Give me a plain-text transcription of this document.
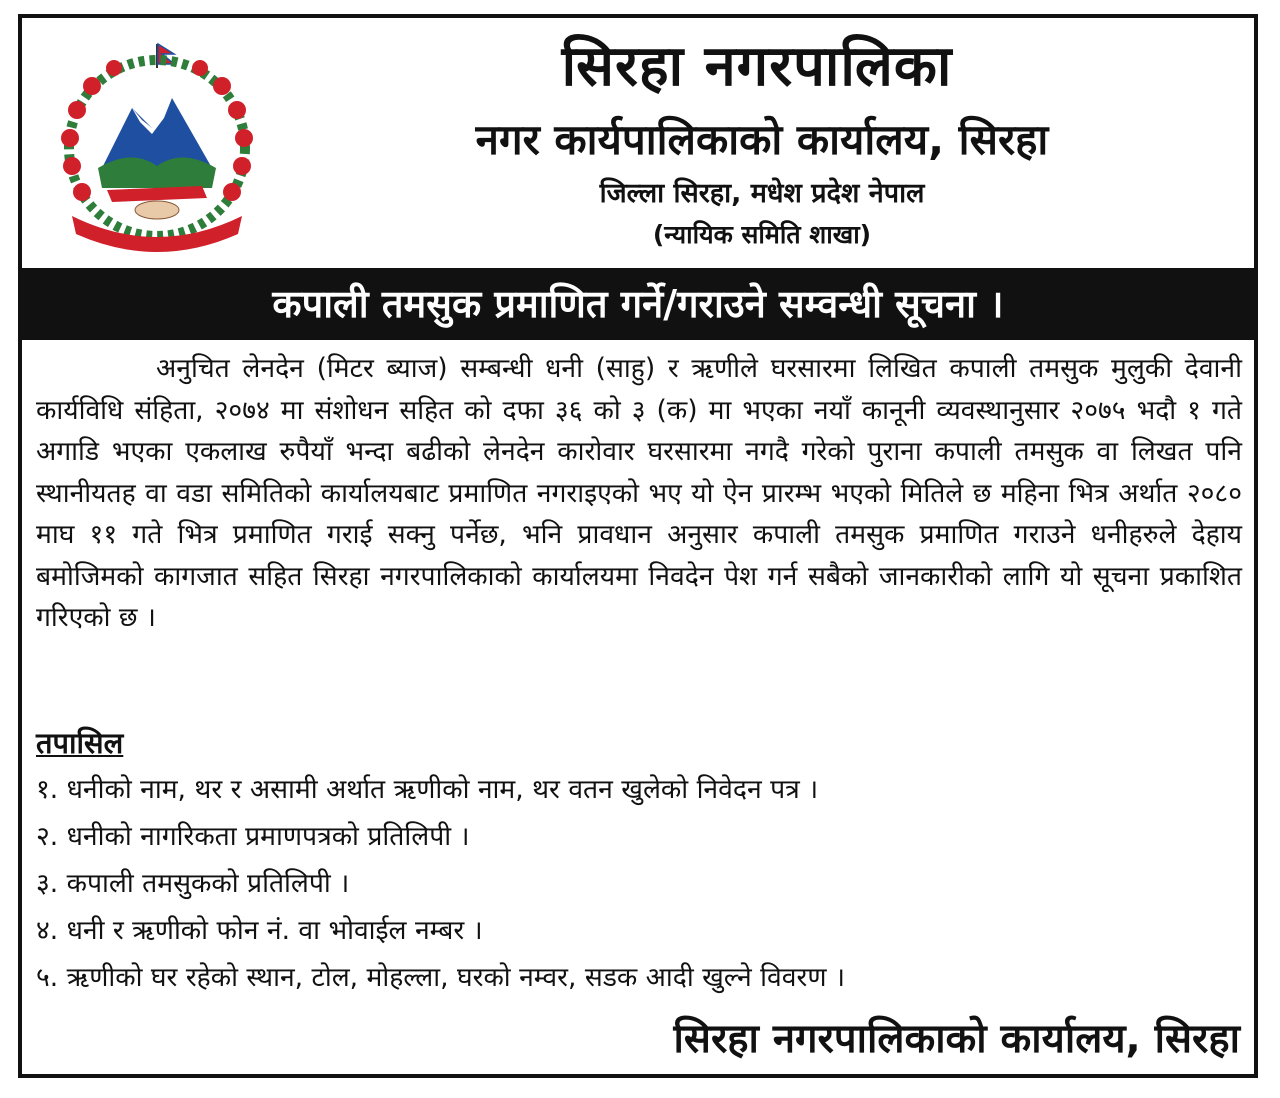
सिरहा नगरपालिका
नगर कार्यपालिकाको कार्यालय, सिरहा
जिल्ला सिरहा, मधेश प्रदेश नेपाल
(न्यायिक समिति शाखा)
कपाली तमसुक प्रमाणित गर्ने/गराउने सम्वन्धी सूचना ।

अनुचित लेनदेन (मिटर ब्याज) सम्बन्धी धनी (साहु) र ऋणीले घरसारमा लिखित कपाली तमसुक मुलुकी देवानी कार्यविधि संहिता, २०७४ मा संशोधन सहित को दफा ३६ को ३ (क) मा भएका नयाँ कानूनी व्यवस्थानुसार २०७५ भदौ १ गते अगाडि भएका एकलाख रुपैयाँ भन्दा बढीको लेनदेन कारोवार घरसारमा नगदै गरेको पुराना कपाली तमसुक वा लिखत पनि स्थानीयतह वा वडा समितिको कार्यालयबाट प्रमाणित नगराइएको भए यो ऐन प्रारम्भ भएको मितिले छ महिना भित्र अर्थात २०८० माघ ११ गते भित्र प्रमाणित गराई सक्नु पर्नेछ, भनि प्रावधान अनुसार कपाली तमसुक प्रमाणित गराउने धनीहरुले देहाय बमोजिमको कागजात सहित सिरहा नगरपालिकाको कार्यालयमा निवदेन पेश गर्न सबैको जानकारीको लागि यो सूचना प्रकाशित गरिएको छ ।

तपासिल
१. धनीको नाम, थर र असामी अर्थात ऋणीको नाम, थर वतन खुलेको निवेदन पत्र ।
२. धनीको नागरिकता प्रमाणपत्रको प्रतिलिपी ।
३. कपाली तमसुकको प्रतिलिपी ।
४. धनी र ऋणीको फोन नं. वा भोवाईल नम्बर ।
५. ऋणीको घर रहेको स्थान, टोल, मोहल्ला, घरको नम्वर, सडक आदी खुल्ने विवरण ।
सिरहा नगरपालिकाको कार्यालय, सिरहा
